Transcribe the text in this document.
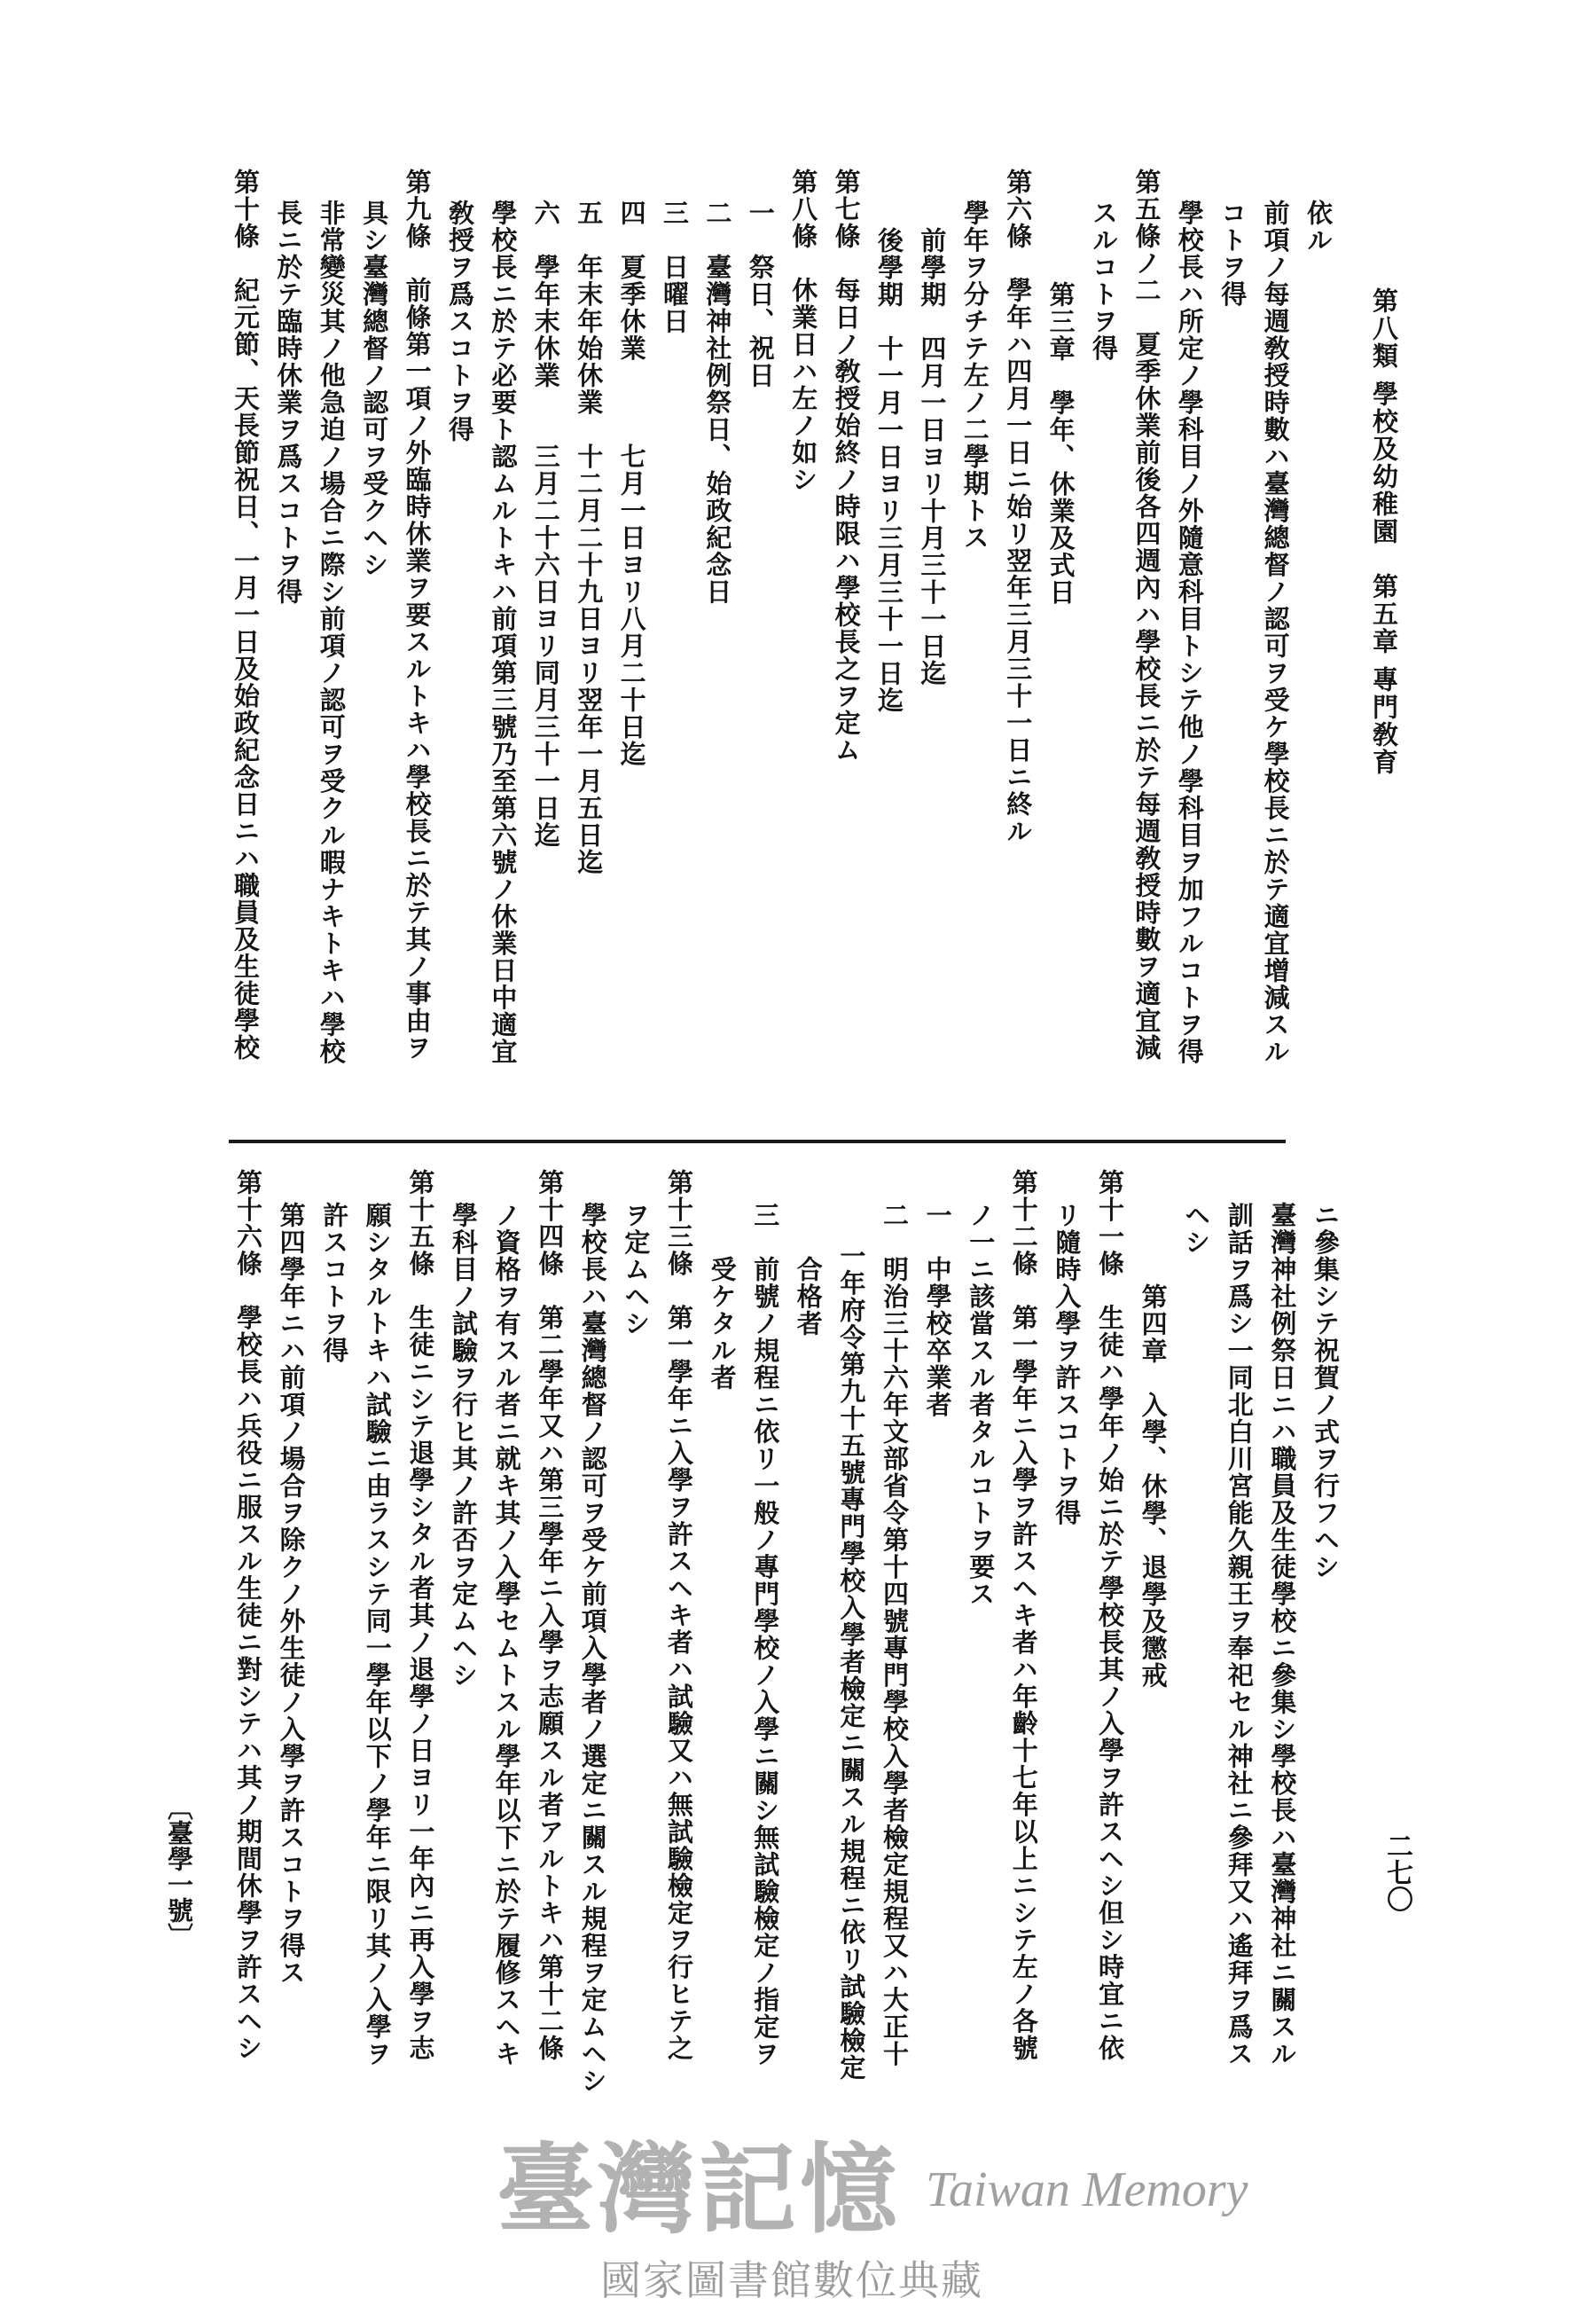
第八類 學校及幼稚園　第五章 專門敎育
依ル
前項ノ每週敎授時數ハ臺灣總督ノ認可ヲ受ケ學校長ニ於テ適宜增減スル
コトヲ得
學校長ハ所定ノ學科目ノ外隨意科目トシテ他ノ學科目ヲ加フルコトヲ得
第五條ノ二　夏季休業前後各四週內ハ學校長ニ於テ每週敎授時數ヲ適宜減
スルコトヲ得
第三章　學年、休業及式日
第六條　學年ハ四月一日ニ始リ翌年三月三十一日ニ終ル
學年ヲ分チテ左ノ二學期トス
前學期　四月一日ヨリ十月三十一日迄
後學期　十一月一日ヨリ三月三十一日迄
第七條　每日ノ敎授始終ノ時限ハ學校長之ヲ定ム
第八條　休業日ハ左ノ如シ
一　祭日、祝日
二　臺灣神社例祭日、始政紀念日
三　日曜日
四　夏季休業　　　七月一日ヨリ八月二十日迄
五　年末年始休業　十二月二十九日ヨリ翌年一月五日迄
六　學年末休業　　三月二十六日ヨリ同月三十一日迄
學校長ニ於テ必要ト認ムルトキハ前項第三號乃至第六號ノ休業日中適宜
敎授ヲ爲スコトヲ得
第九條　前條第一項ノ外臨時休業ヲ要スルトキハ學校長ニ於テ其ノ事由ヲ
具シ臺灣總督ノ認可ヲ受クヘシ
非常變災其ノ他急迫ノ場合ニ際シ前項ノ認可ヲ受クル暇ナキトキハ學校
長ニ於テ臨時休業ヲ爲スコトヲ得
第十條　紀元節、天長節祝日、一月一日及始政紀念日ニハ職員及生徒學校
ニ參集シテ祝賀ノ式ヲ行フヘシ
臺灣神社例祭日ニハ職員及生徒學校ニ參集シ學校長ハ臺灣神社ニ關スル
訓話ヲ爲シ一同北白川宮能久親王ヲ奉祀セル神社ニ參拜又ハ遙拜ヲ爲ス
ヘシ
第四章　入學、休學、退學及懲戒
第十一條　生徒ハ學年ノ始ニ於テ學校長其ノ入學ヲ許スヘシ但シ時宜ニ依
リ隨時入學ヲ許スコトヲ得
第十二條　第一學年ニ入學ヲ許スヘキ者ハ年齡十七年以上ニシテ左ノ各號
ノ一ニ該當スル者タルコトヲ要ス
一　中學校卒業者
二　明治三十六年文部省令第十四號專門學校入學者檢定規程又ハ大正十
一年府令第九十五號專門學校入學者檢定ニ關スル規程ニ依リ試驗檢定
合格者
三　前號ノ規程ニ依リ一般ノ專門學校ノ入學ニ關シ無試驗檢定ノ指定ヲ
受ケタル者
第十三條　第一學年ニ入學ヲ許スヘキ者ハ試驗又ハ無試驗檢定ヲ行ヒテ之
ヲ定ムヘシ
學校長ハ臺灣總督ノ認可ヲ受ケ前項入學者ノ選定ニ關スル規程ヲ定ムヘシ
第十四條　第二學年又ハ第三學年ニ入學ヲ志願スル者アルトキハ第十二條
ノ資格ヲ有スル者ニ就キ其ノ入學セムトスル學年以下ニ於テ履修スヘキ
學科目ノ試驗ヲ行ヒ其ノ許否ヲ定ムヘシ
第十五條　生徒ニシテ退學シタル者其ノ退學ノ日ヨリ一年內ニ再入學ヲ志
願シタルトキハ試驗ニ由ラスシテ同一學年以下ノ學年ニ限リ其ノ入學ヲ
許スコトヲ得
第四學年ニハ前項ノ場合ヲ除クノ外生徒ノ入學ヲ許スコトヲ得ス
第十六條　學校長ハ兵役ニ服スル生徒ニ對シテハ其ノ期間休學ヲ許スヘシ	二七〇
〔臺學一號〕
臺灣記憶 Taiwan Memory
國家圖書館數位典藏
